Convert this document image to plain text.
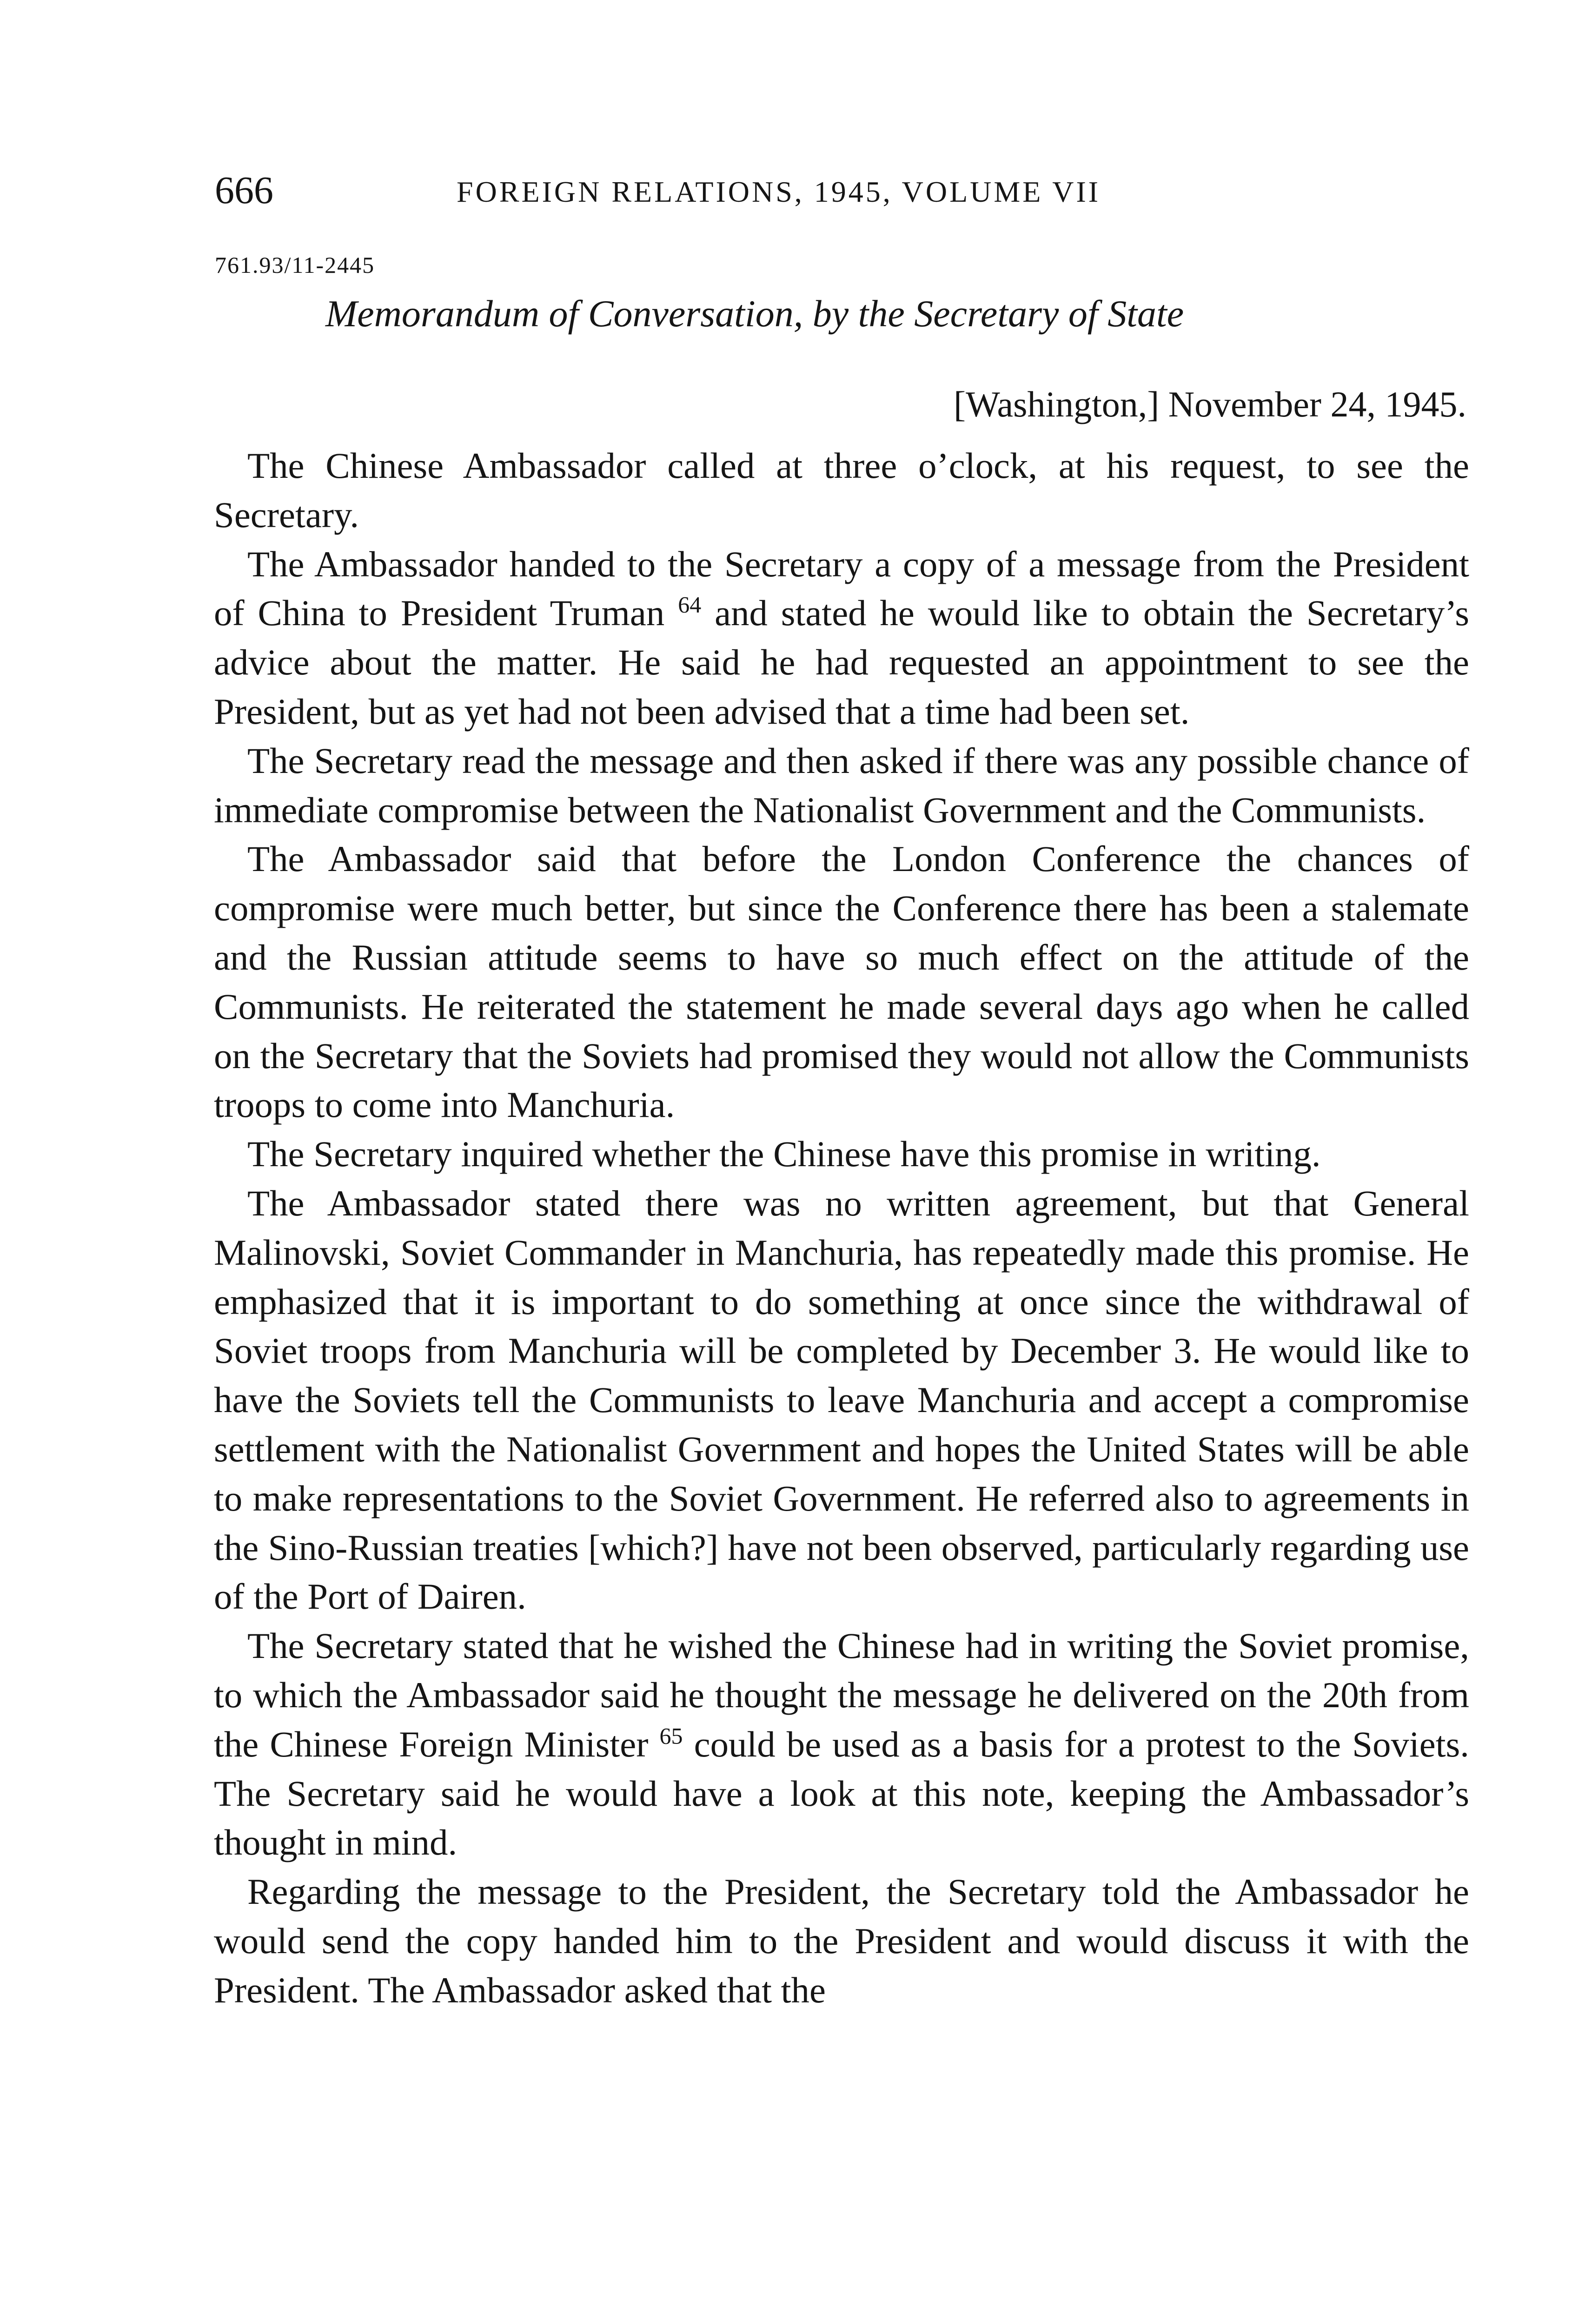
666	FOREIGN RELATIONS, 1945, VOLUME VII
761.93/11-2445
Memorandum of Conversation, by the Secretary of State
[Washington,] November 24, 1945.

The Chinese Ambassador called at three o’clock, at his request, to see the Secretary.

The Ambassador handed to the Secretary a copy of a message from the President of China to President Truman $^{64}$ and stated he would like to obtain the Secretary’s advice about the matter. He said he had requested an appointment to see the President, but as yet had not been advised that a time had been set.

The Secretary read the message and then asked if there was any possible chance of immediate compromise between the Nationalist Government and the Communists.

The Ambassador said that before the London Conference the chances of compromise were much better, but since the Conference there has been a stalemate and the Russian attitude seems to have so much effect on the attitude of the Communists. He reiterated the statement he made several days ago when he called on the Secretary that the Soviets had promised they would not allow the Communists troops to come into Manchuria.

The Secretary inquired whether the Chinese have this promise in writing.

The Ambassador stated there was no written agreement, but that General Malinovski, Soviet Commander in Manchuria, has repeatedly made this promise. He emphasized that it is important to do something at once since the withdrawal of Soviet troops from Manchuria will be completed by December 3. He would like to have the Soviets tell the Communists to leave Manchuria and accept a compromise settlement with the Nationalist Government and hopes the United States will be able to make representations to the Soviet Government. He referred also to agreements in the Sino-Russian treaties [which?] have not been observed, particularly regarding use of the Port of Dairen.

The Secretary stated that he wished the Chinese had in writing the Soviet promise, to which the Ambassador said he thought the message he delivered on the 20th from the Chinese Foreign Minister $^{65}$ could be used as a basis for a protest to the Soviets. The Secretary said he would have a look at this note, keeping the Ambassador’s thought in mind.

Regarding the message to the President, the Secretary told the Ambassador he would send the copy handed him to the President and would discuss it with the President. The Ambassador asked that the
